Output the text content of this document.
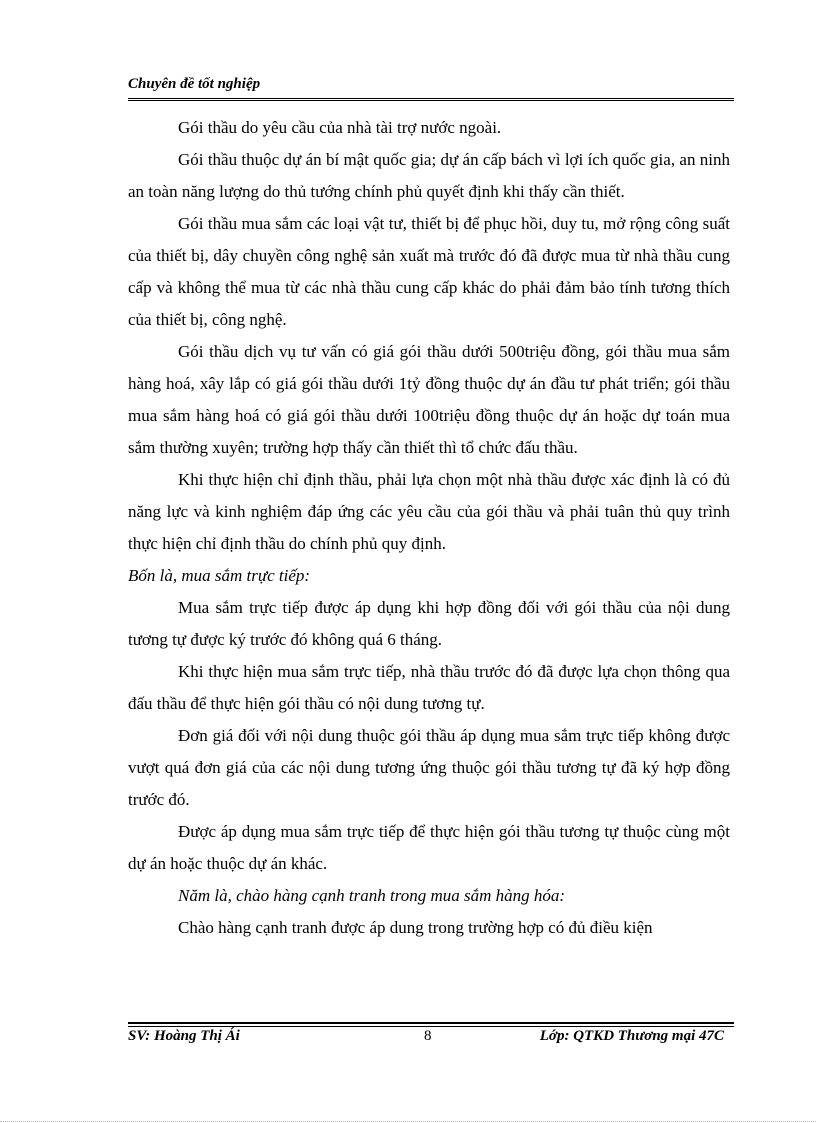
Chuyên đề tốt nghiệp

Gói thầu do yêu cầu của nhà tài trợ nước ngoài.

Gói thầu thuộc dự án bí mật quốc gia; dự án cấp bách vì lợi ích quốc gia, an ninh an toàn năng lượng do thủ tướng chính phủ quyết định khi thấy cần thiết.

Gói thầu mua sắm các loại vật tư, thiết bị để phục hồi, duy tu, mở rộng công suất của thiết bị, dây chuyền công nghệ sản xuất mà trước đó đã được mua từ nhà thầu cung cấp và không thể mua từ các nhà thầu cung cấp khác do phải đảm bảo tính tương thích của thiết bị, công nghệ.

Gói thầu dịch vụ tư vấn có giá gói thầu dưới 500triệu đồng, gói thầu mua sắm hàng hoá, xây lắp có giá gói thầu dưới 1tỷ đồng thuộc dự án đầu tư phát triển; gói thầu mua sắm hàng hoá có giá gói thầu dưới 100triệu đồng thuộc dự án hoặc dự toán mua sắm thường xuyên; trường hợp thấy cần thiết thì tổ chức đấu thầu.

Khi thực hiện chỉ định thầu, phải lựa chọn một nhà thầu được xác định là có đủ năng lực và kinh nghiệm đáp ứng các yêu cầu của gói thầu và phải tuân thủ quy trình thực hiện chỉ định thầu do chính phủ quy định.

Bốn là, mua sắm trực tiếp:

Mua sắm trực tiếp được áp dụng khi hợp đồng đối với gói thầu của nội dung tương tự được ký trước đó không quá 6 tháng.

Khi thực hiện mua sắm trực tiếp, nhà thầu trước đó đã được lựa chọn thông qua đấu thầu để thực hiện gói thầu có nội dung tương tự.

Đơn giá đối với nội dung thuộc gói thầu áp dụng mua sắm trực tiếp không được vượt quá đơn giá của các nội dung tương ứng thuộc gói thầu tương tự đã ký hợp đồng trước đó.

Được áp dụng mua sắm trực tiếp để thực hiện gói thầu tương tự thuộc cùng một dự án hoặc thuộc dự án khác.

Năm là, chào hàng cạnh tranh trong mua sắm hàng hóa:

Chào hàng cạnh tranh được áp dung trong trường hợp có đủ điều kiện

SV: Hoàng Thị Ái	8	Lớp: QTKD Thương mại 47C
